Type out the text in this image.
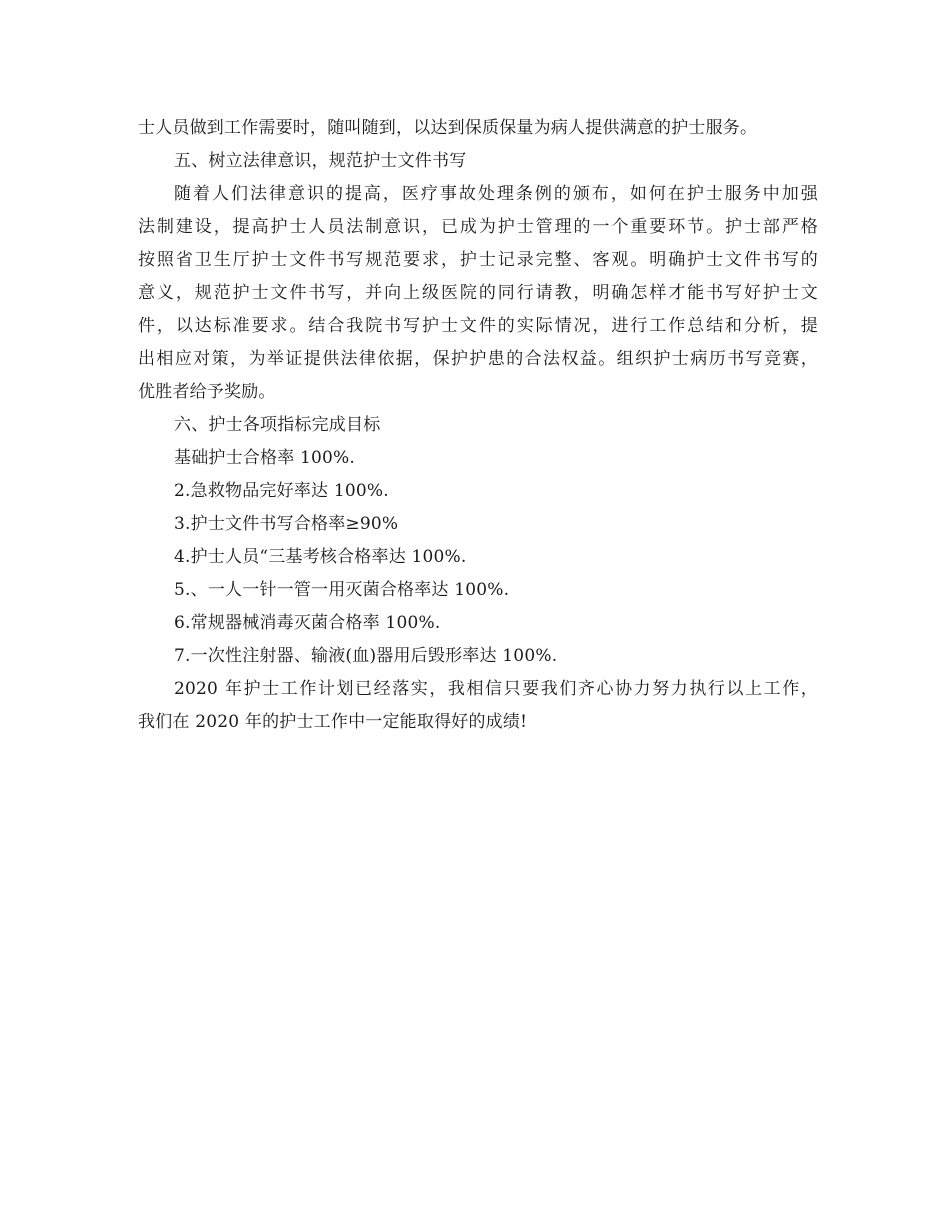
士人员做到工作需要时，随叫随到，以达到保质保量为病人提供满意的护士服务。
五、树立法律意识，规范护士文件书写
随着人们法律意识的提高，医疗事故处理条例的颁布，如何在护士服务中加强
法制建设，提高护士人员法制意识，已成为护士管理的一个重要环节。护士部严格
按照省卫生厅护士文件书写规范要求，护士记录完整、客观。明确护士文件书写的
意义，规范护士文件书写，并向上级医院的同行请教，明确怎样才能书写好护士文
件，以达标准要求。结合我院书写护士文件的实际情况，进行工作总结和分析，提
出相应对策，为举证提供法律依据，保护护患的合法权益。组织护士病历书写竞赛，
优胜者给予奖励。
六、护士各项指标完成目标
基础护士合格率 100%.
2.急救物品完好率达 100%.
3.护士文件书写合格率≥90%
4.护士人员“三基考核合格率达 100%.
5.、一人一针一管一用灭菌合格率达 100%.
6.常规器械消毒灭菌合格率 100%.
7.一次性注射器、输液(血)器用后毁形率达 100%.
2020 年护士工作计划已经落实，我相信只要我们齐心协力努力执行以上工作，
我们在 2020 年的护士工作中一定能取得好的成绩!
